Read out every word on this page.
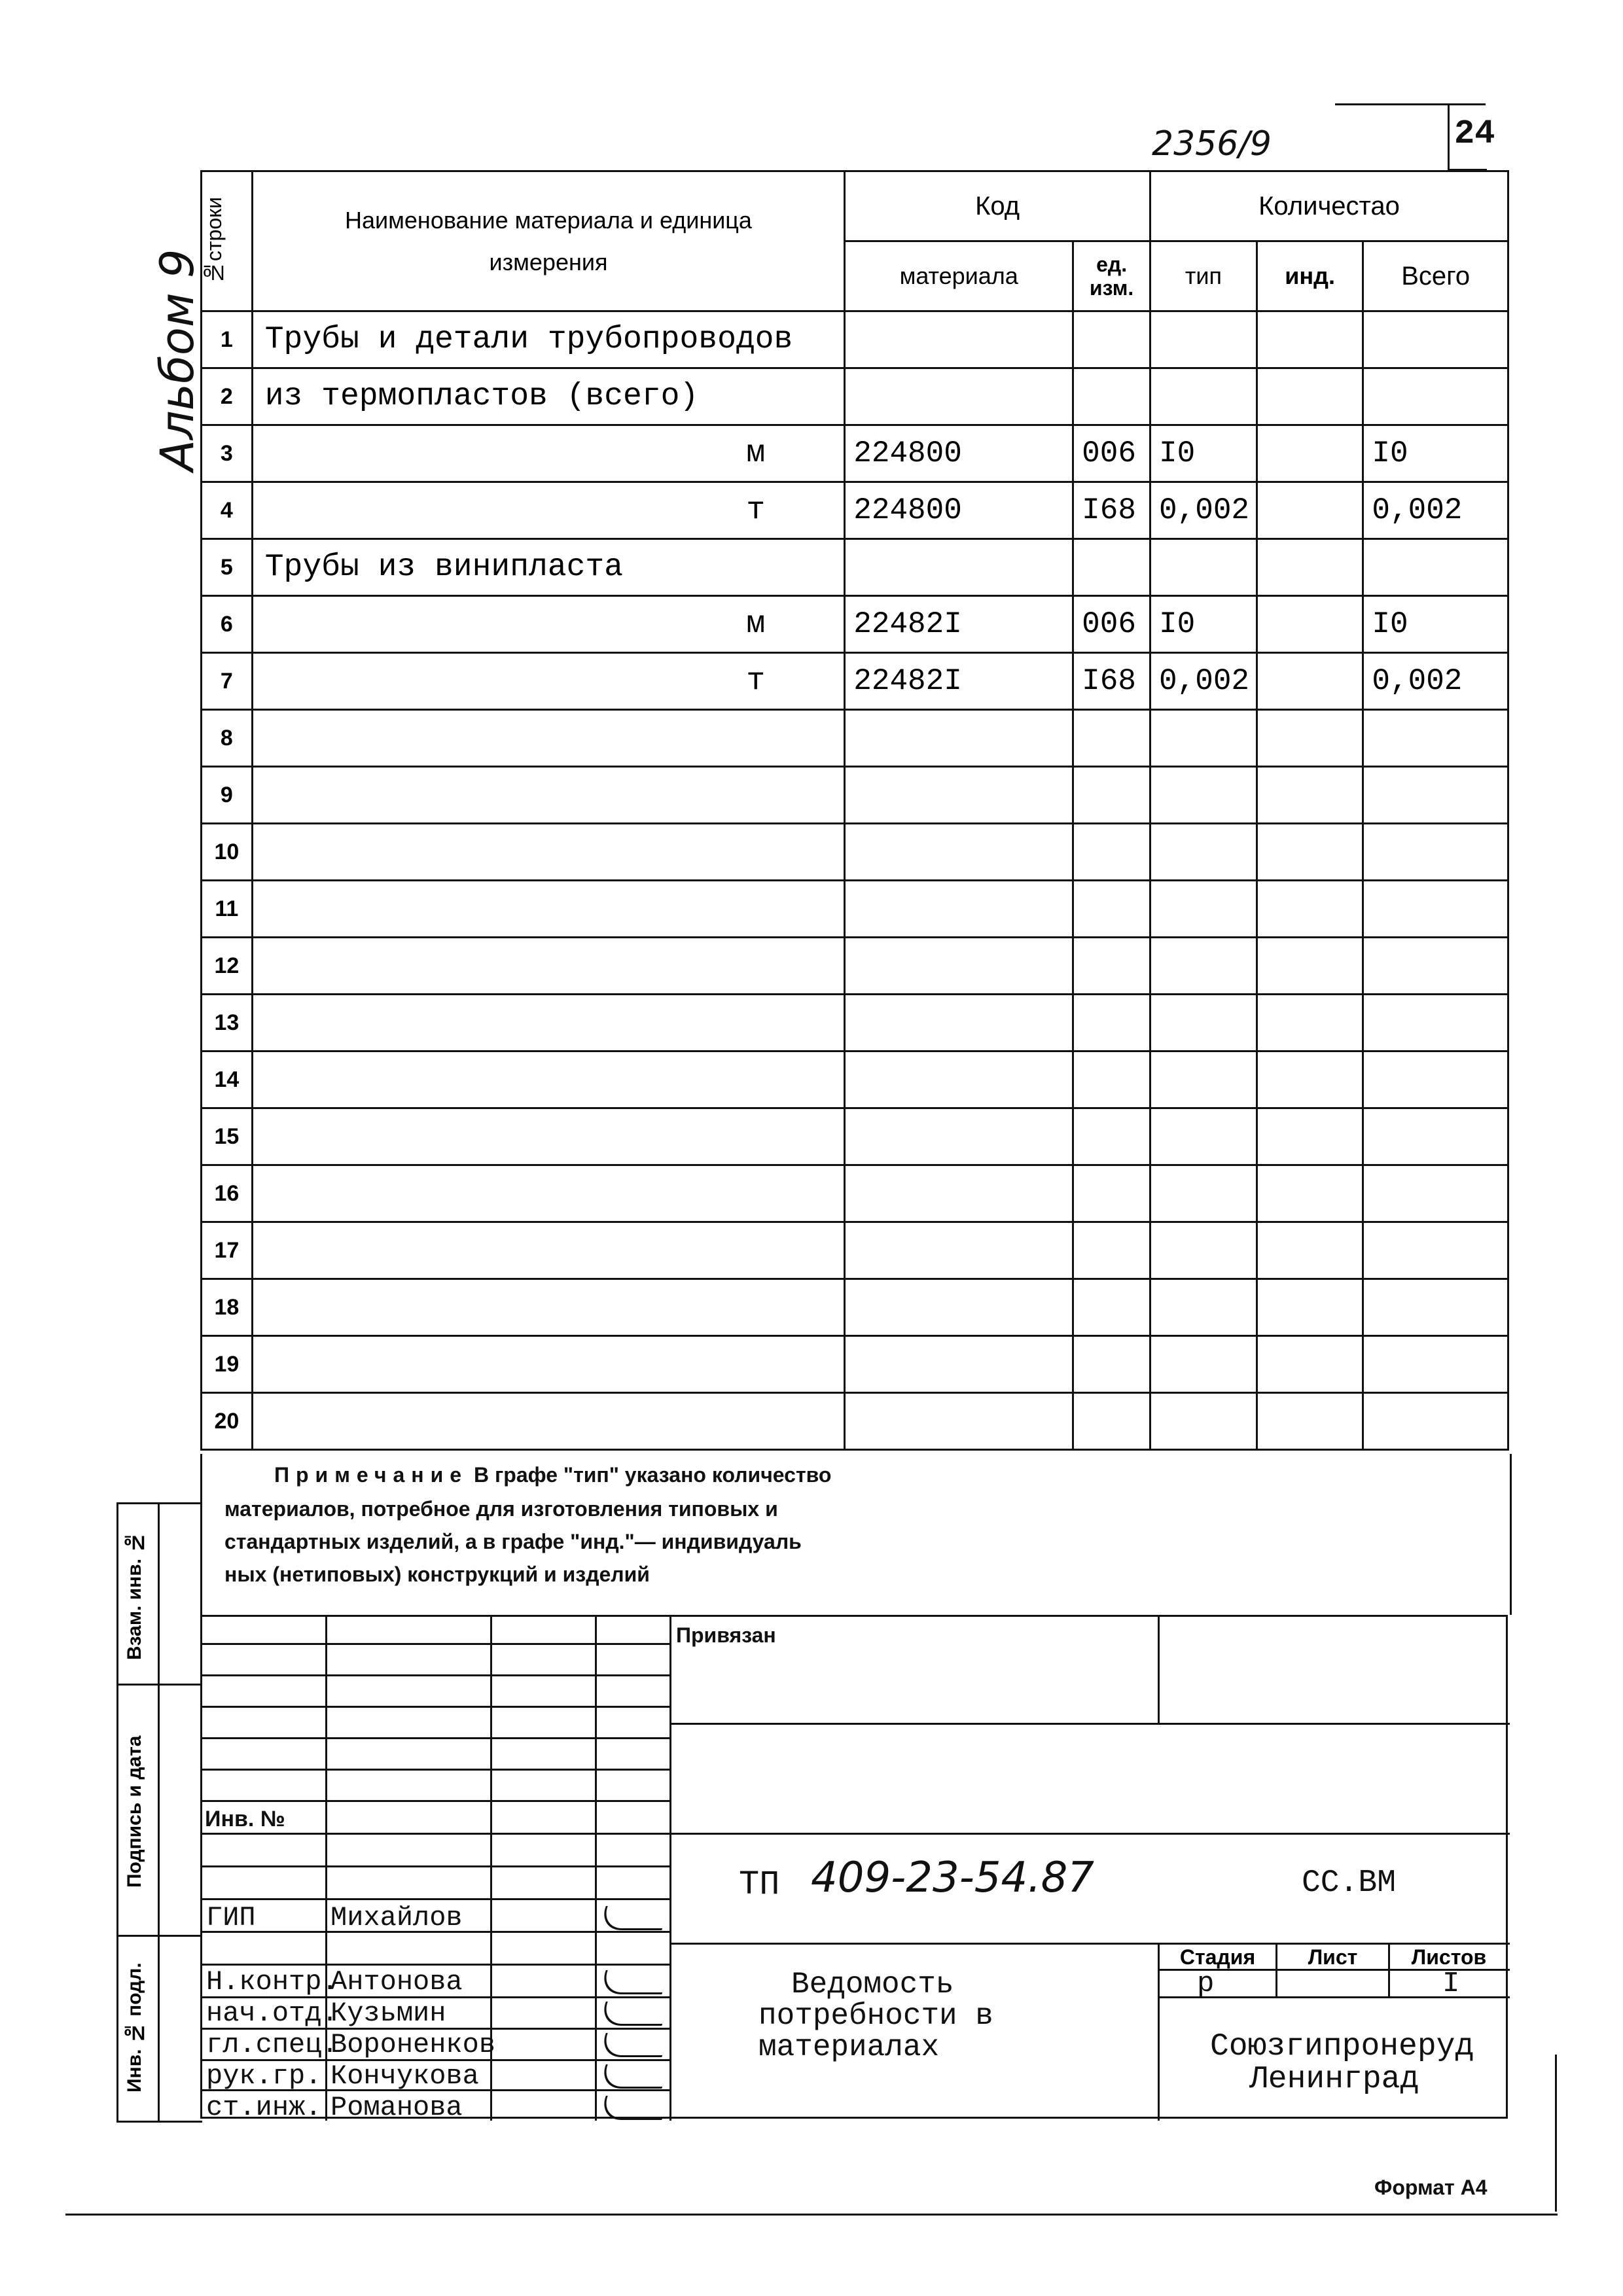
24
2356/9
Альбом 9
№строки	Наименование материала и единица измерения	Код		Количестао		
		материала	ед. изм.	тип	инд.	Всего
1	Трубы и детали трубопроводов

2	из термопластов (всего)

3	м	224800	006	I0		I0
4	т	224800	I68	0,002		0,002
5	Трубы из винипласта

6	м	22482I	006	I0		I0
7	т	22482I	I68	0,002		0,002
8	

9	

10	

11	

12	

13	

14	

15	

16	

17	

18	

19	

20	

Примечание В графе "тип" указано количество
материалов, потребное для изготовления типовых и
стандартных изделий, а в графе "инд."— индивидуаль
ных (нетиповых) конструкций и изделий
Взам. инв. №
Подпись и дата
Инв. № подл.
Привязан
Инв. №
ТП 409-23-54.87	СС.ВМ
Ведомость
потребности в
материалах
Стадия	Лист	Листов
р	I
Союзгипронеруд
Ленинград
ГИП	Михайлов
Н.контр.
Антонова
нач.отд.
Кузьмин
гл.спец.
Вороненков
рук.гр. Кончукова
ст.инж. Романова
Формат А4
